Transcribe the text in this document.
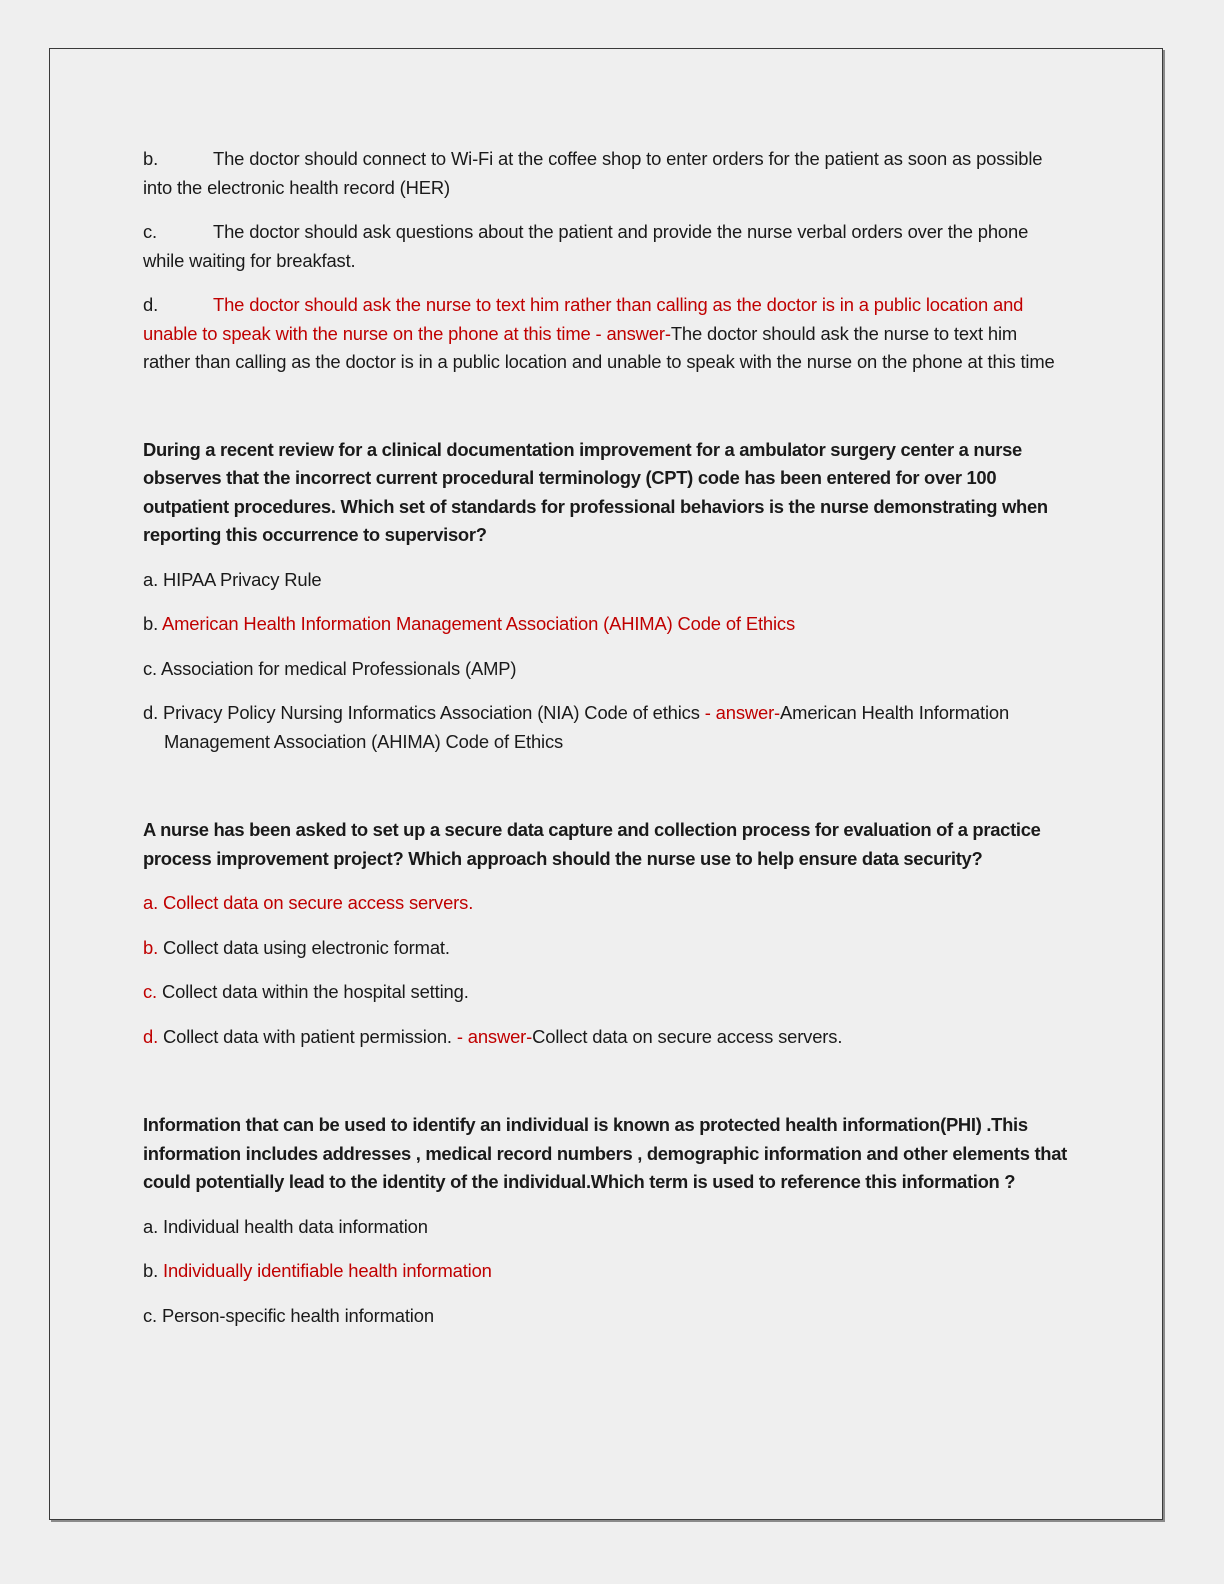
b.	The doctor should connect to Wi-Fi at the coffee shop to enter orders for the patient as soon as possible into the electronic health record (HER)

c.	The doctor should ask questions about the patient and provide the nurse verbal orders over the phone while waiting for breakfast.

d.	The doctor should ask the nurse to text him rather than calling as the doctor is in a public location and unable to speak with the nurse on the phone at this time - answer-The doctor should ask the nurse to text him rather than calling as the doctor is in a public location and unable to speak with the nurse on the phone at this time

During a recent review for a clinical documentation improvement for a ambulator surgery center a nurse observes that the incorrect current procedural terminology (CPT) code has been entered for over 100 outpatient procedures. Which set of standards for professional behaviors is the nurse demonstrating when reporting this occurrence to supervisor?

a. HIPAA Privacy Rule

b. American Health Information Management Association (AHIMA) Code of Ethics

c. Association for medical Professionals (AMP)

d. Privacy Policy Nursing Informatics Association (NIA) Code of ethics - answer-American Health Information Management Association (AHIMA) Code of Ethics

A nurse has been asked to set up a secure data capture and collection process for evaluation of a practice process improvement project? Which approach should the nurse use to help ensure data security?

a. Collect data on secure access servers.

b. Collect data using electronic format.

c. Collect data within the hospital setting.

d. Collect data with patient permission. - answer-Collect data on secure access servers.

Information that can be used to identify an individual is known as protected health information(PHI) .This information includes addresses , medical record numbers , demographic information and other elements that could potentially lead to the identity of the individual.Which term is used to reference this information ?

a. Individual health data information

b. Individually identifiable health information

c. Person-specific health information
